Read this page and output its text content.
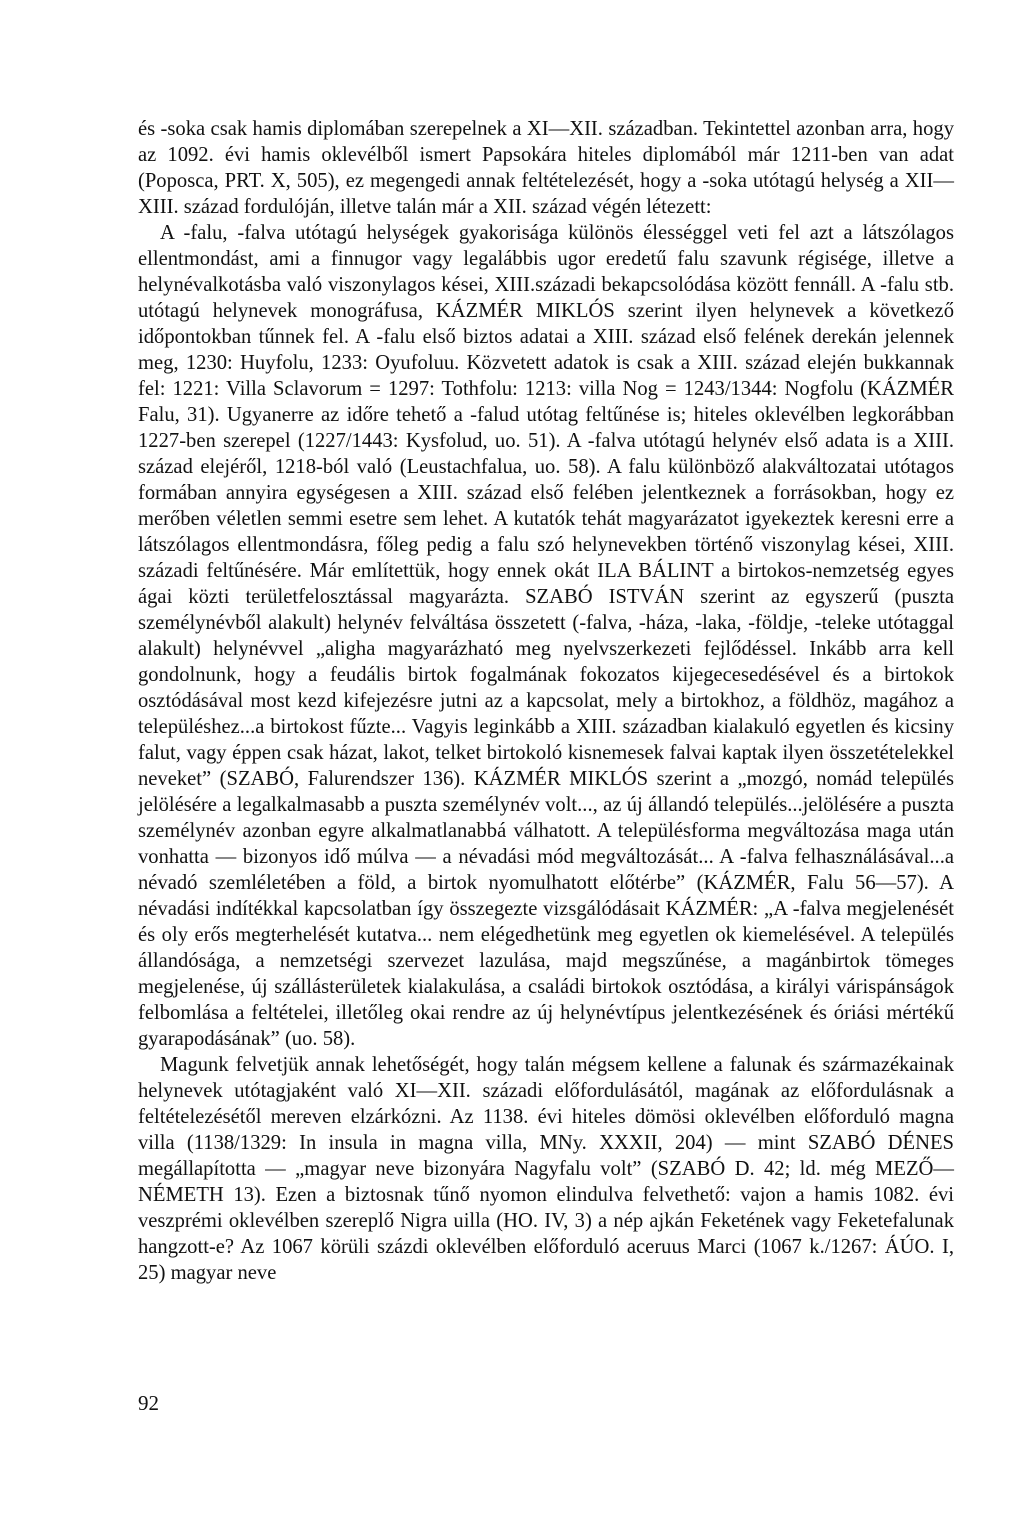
és -soka csak hamis diplomában szerepelnek a XI—XII. században. Tekintettel azonban arra, hogy az 1092. évi hamis oklevélből ismert Papsokára hiteles diplomából már 1211-ben van adat (Poposca, PRT. X, 505), ez megengedi annak feltételezését, hogy a -soka utótagú helység a XII—XIII. század fordulóján, illetve talán már a XII. század végén létezett:

A -falu, -falva utótagú helységek gyakorisága különös élességgel veti fel azt a látszólagos ellentmondást, ami a finnugor vagy legalábbis ugor eredetű falu szavunk régisége, illetve a helynévalkotásba való viszonylagos kései, XIII.századi bekapcsolódása között fennáll. A -falu stb. utótagú helynevek monográfusa, KÁZMÉR MIKLÓS szerint ilyen helynevek a következő időpontokban tűnnek fel. A -falu első biztos adatai a XIII. század első felének derekán jelennek meg, 1230: Huyfolu, 1233: Oyufoluu. Közvetett adatok is csak a XIII. század elején bukkannak fel: 1221: Villa Sclavorum = 1297: Tothfolu: 1213: villa Nog = 1243/1344: Nogfolu (KÁZMÉR Falu, 31). Ugyanerre az időre tehető a -falud utótag feltűnése is; hiteles oklevélben legkorábban 1227-ben szerepel (1227/1443: Kysfolud, uo. 51). A -falva utótagú helynév első adata is a XIII. század elejéről, 1218-ból való (Leustachfalua, uo. 58). A falu különböző alakváltozatai utótagos formában annyira egységesen a XIII. század első felében jelentkeznek a forrásokban, hogy ez merőben véletlen semmi esetre sem lehet. A kutatók tehát magyarázatot igyekeztek keresni erre a látszólagos ellentmondásra, főleg pedig a falu szó helynevekben történő viszonylag kései, XIII. századi feltűnésére. Már említettük, hogy ennek okát ILA BÁLINT a birtokos-nemzetség egyes ágai közti területfelosztással magyarázta. SZABÓ ISTVÁN szerint az egyszerű (puszta személynévből alakult) helynév felváltása összetett (-falva, -háza, -laka, -földje, -teleke utótaggal alakult) helynévvel „aligha magyarázható meg nyelvszerkezeti fejlődéssel. Inkább arra kell gondolnunk, hogy a feudális birtok fogalmának fokozatos kijegecesedésével és a birtokok osztódásával most kezd kifejezésre jutni az a kapcsolat, mely a birtokhoz, a földhöz, magához a településhez...a birtokost fűzte... Vagyis leginkább a XIII. században kialakuló egyetlen és kicsiny falut, vagy éppen csak házat, lakot, telket birtokoló kisnemesek falvai kaptak ilyen összetételekkel neveket” (SZABÓ, Falurendszer 136). KÁZMÉR MIKLÓS szerint a „mozgó, nomád település jelölésére a legalkalmasabb a puszta személynév volt..., az új állandó település...jelölésére a puszta személynév azonban egyre alkalmatlanabbá válhatott. A településforma megváltozása maga után vonhatta — bizonyos idő múlva — a névadási mód megváltozását... A -falva felhasználásával...a névadó szemléletében a föld, a birtok nyomulhatott előtérbe” (KÁZMÉR, Falu 56—57). A névadási indítékkal kapcsolatban így összegezte vizsgálódásait KÁZMÉR: „A -falva megjelenését és oly erős megterhelését kutatva... nem elégedhetünk meg egyetlen ok kiemelésével. A település állandósága, a nemzetségi szervezet lazulása, majd megszűnése, a magánbirtok tömeges megjelenése, új szállásterületek kialakulása, a családi birtokok osztódása, a királyi várispánságok felbomlása a feltételei, illetőleg okai rendre az új helynévtípus jelentkezésének és óriási mértékű gyarapodásának” (uo. 58).

Magunk felvetjük annak lehetőségét, hogy talán mégsem kellene a falunak és származékainak helynevek utótagjaként való XI—XII. századi előfordulásától, magának az előfordulásnak a feltételezésétől mereven elzárkózni. Az 1138. évi hiteles dömösi oklevélben előforduló magna villa (1138/1329: In insula in magna villa, MNy. XXXII, 204) — mint SZABÓ DÉNES megállapította — „magyar neve bizonyára Nagyfalu volt” (SZABÓ D. 42; ld. még MEZŐ—NÉMETH 13). Ezen a biztosnak tűnő nyomon elindulva felvethető: vajon a hamis 1082. évi veszprémi oklevélben szereplő Nigra uilla (HO. IV, 3) a nép ajkán Feketének vagy Feketefalunak hangzott-e? Az 1067 körüli százdi oklevélben előforduló aceruus Marci (1067 k./1267: ÁÚO. I, 25) magyar neve

92
